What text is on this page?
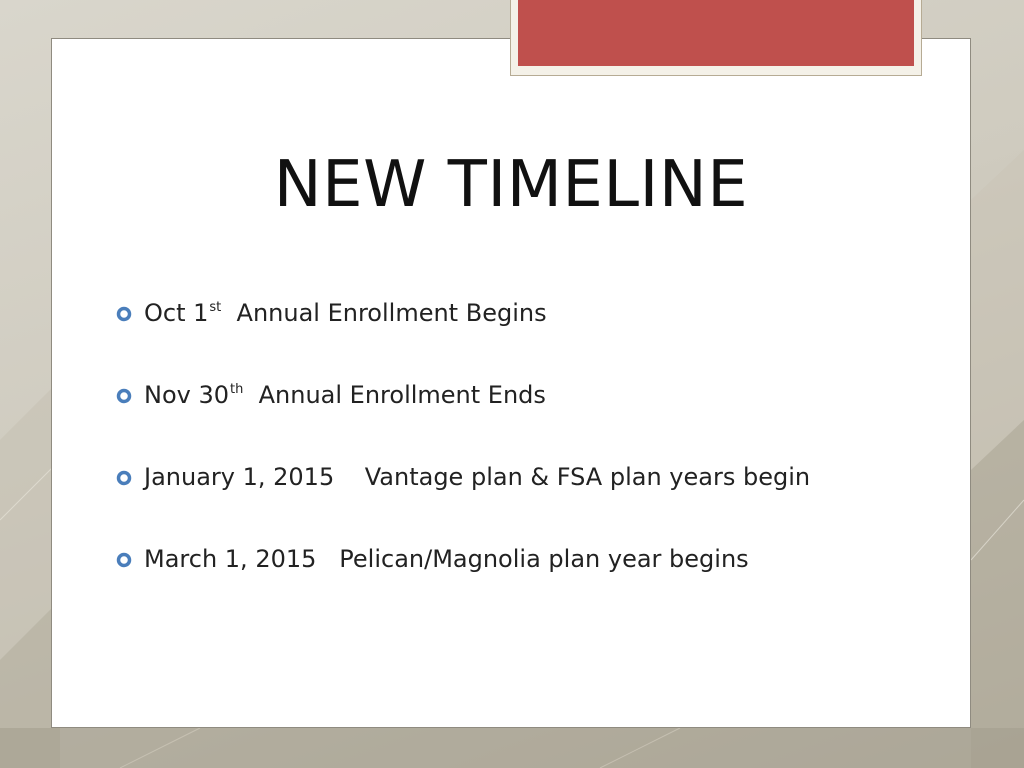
NEW TIMELINE
Oct 1 st Annual Enrollment Begins
Nov 30 th Annual Enrollment Ends
January 1, 2015    Vantage plan & FSA plan years begin
March 1, 2015   Pelican/Magnolia plan year begins
